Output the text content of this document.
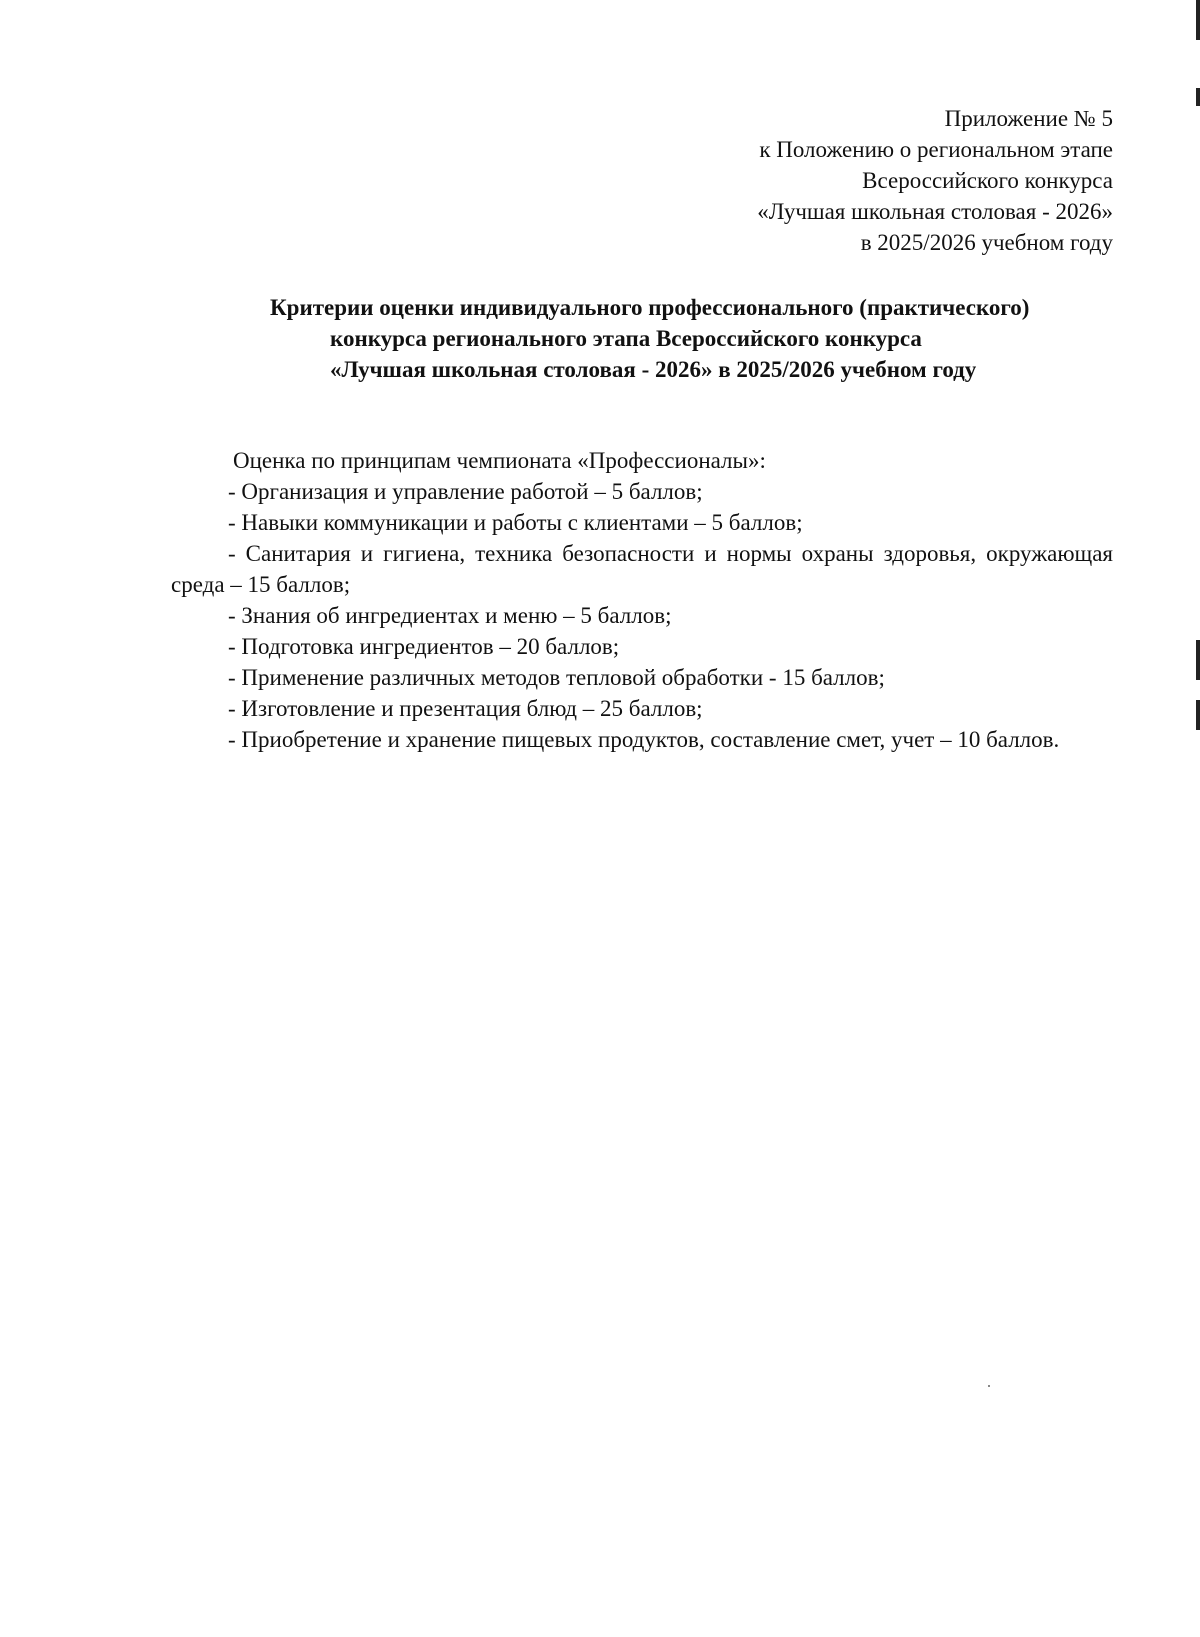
Приложение № 5
к Положению о региональном этапе
Всероссийского конкурса
«Лучшая школьная столовая - 2026»
в 2025/2026 учебном году
Критерии оценки индивидуального профессионального (практического)
конкурса регионального этапа Всероссийского конкурса
«Лучшая школьная столовая - 2026» в 2025/2026 учебном году
Оценка по принципам чемпионата «Профессионалы»:
- Организация и управление работой – 5 баллов;
- Навыки коммуникации и работы с клиентами – 5 баллов;
- Санитария и гигиена, техника безопасности и нормы охраны здоровья, окружающая среда – 15 баллов;
- Знания об ингредиентах и меню – 5 баллов;
- Подготовка ингредиентов – 20 баллов;
- Применение различных методов тепловой обработки - 15 баллов;
- Изготовление и презентация блюд – 25 баллов;
- Приобретение и хранение пищевых продуктов, составление смет, учет – 10 баллов.
